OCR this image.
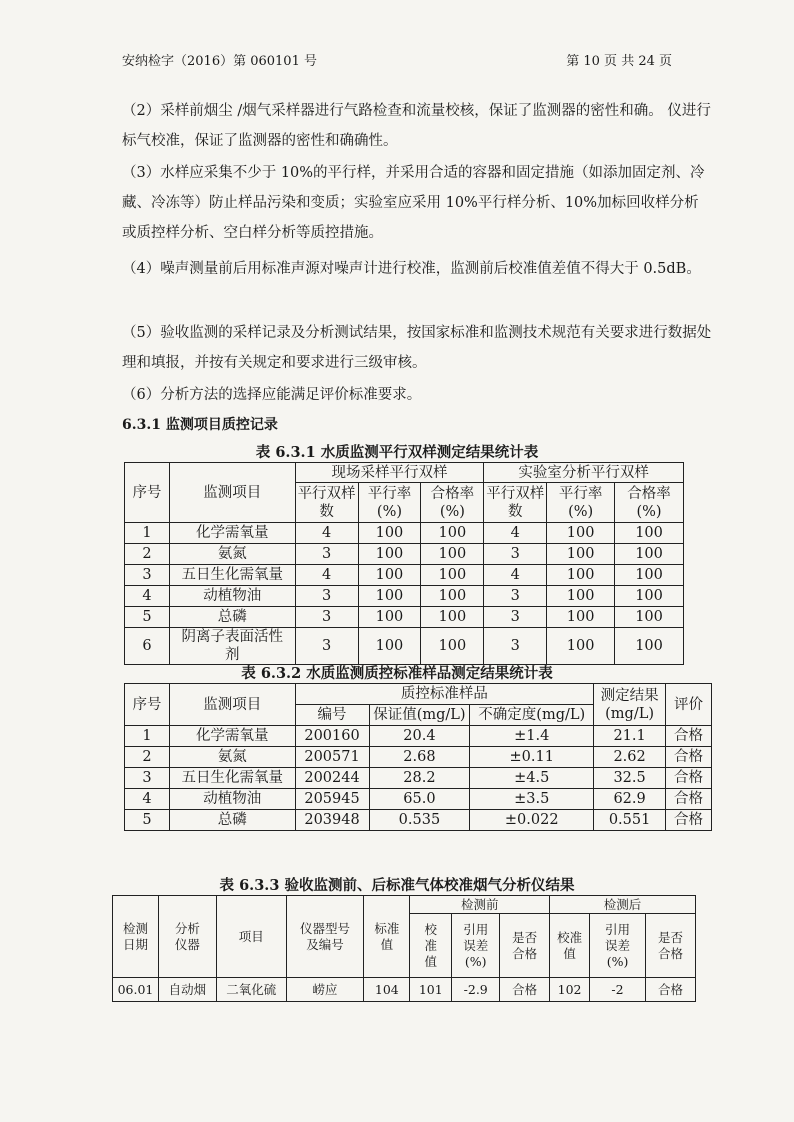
安纳检字（2016）第 060101 号	第 10 页 共 24 页
（2）采样前烟尘 /烟气采样器进行气路检查和流量校核，保证了监测器的密性和确。 仪进行标气校准，保证了监测器的密性和确确性。
（3）水样应采集不少于 10%的平行样，并采用合适的容器和固定措施（如添加固定剂、冷藏、冷冻等）防止样品污染和变质；实验室应采用 10%平行样分析、10%加标回收样分析或质控样分析、空白样分析等质控措施。
（4）噪声测量前后用标准声源对噪声计进行校准，监测前后校准值差值不得大于 0.5dB。
（5）验收监测的采样记录及分析测试结果，按国家标准和监测技术规范有关要求进行数据处理和填报，并按有关规定和要求进行三级审核。
（6）分析方法的选择应能满足评价标准要求。
6.3.1 监测项目质控记录
表 6.3.1 水质监测平行双样测定结果统计表
序号	监测项目	现场采样平行双样			实验室分析平行双样		
		平行双样数	平行率(%)	合格率(%)	平行双样数	平行率(%)	合格率(%)
1	化学需氧量	4	100	100	4	100	100
2	氨氮	3	100	100	3	100	100
3	五日生化需氧量	4	100	100	4	100	100
4	动植物油	3	100	100	3	100	100
5	总磷	3	100	100	3	100	100
6	阴离子表面活性剂	3	100	100	3	100	100
表 6.3.2 水质监测质控标准样品测定结果统计表
序号	监测项目	质控标准样品			测定结果(mg/L)	评价
		编号	保证值(mg/L)	不确定度(mg/L)		
1	化学需氧量	200160	20.4	±1.4	21.1	合格
2	氨氮	200571	2.68	±0.11	2.62	合格
3	五日生化需氧量	200244	28.2	±4.5	32.5	合格
4	动植物油	205945	65.0	±3.5	62.9	合格
5	总磷	203948	0.535	±0.022	0.551	合格
表 6.3.3 验收监测前、后标准气体校准烟气分析仪结果
检测日期	分析仪器	项目	仪器型号及编号	标准值	检测前			检测后		
					校准值	引用误差(%)	是否合格	校准值	引用误差(%)	是否合格
06.01	自动烟	二氧化硫	崂应	104	101	-2.9	合格	102	-2	合格
